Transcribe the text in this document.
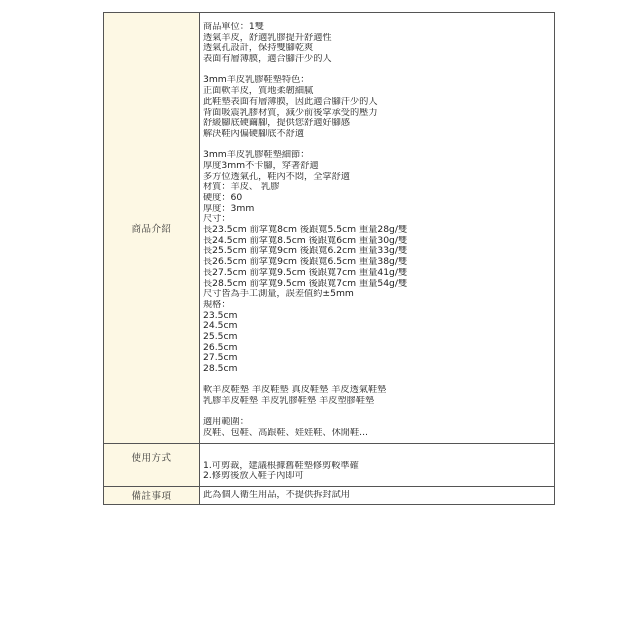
商品介紹
商品單位：1雙
透氣羊皮，舒適乳膠提升舒適性
透氣孔設計，保持雙腳乾爽
表面有層薄膜，適合腳汗少的人
3mm羊皮乳膠鞋墊特色：
正面軟羊皮，質地柔韌細膩
此鞋墊表面有層薄膜，因此適合腳汗少的人
背面吸震乳膠材質，減少前後掌承受的壓力
舒緩腳底硬繭腳，提供您舒適好腳感
解決鞋內偏硬腳底不舒適
3mm羊皮乳膠鞋墊細節：
厚度3mm不卡腳，穿著舒適
多方位透氣孔，鞋內不悶，全掌舒適
材質：羊皮、 乳膠
硬度：60
厚度：3mm
尺寸：
長23.5cm 前掌寬8cm 後跟寬5.5cm 重量28g/雙
長24.5cm 前掌寬8.5cm 後跟寬6cm 重量30g/雙
長25.5cm 前掌寬9cm 後跟寬6.2cm 重量33g/雙
長26.5cm 前掌寬9cm 後跟寬6.5cm 重量38g/雙
長27.5cm 前掌寬9.5cm 後跟寬7cm 重量41g/雙
長28.5cm 前掌寬9.5cm 後跟寬7cm 重量54g/雙
尺寸皆為手工測量，誤差值約±5mm
規格：
23.5cm
24.5cm
25.5cm
26.5cm
27.5cm
28.5cm
軟羊皮鞋墊 羊皮鞋墊 真皮鞋墊 羊皮透氣鞋墊
乳膠羊皮鞋墊 羊皮乳膠鞋墊 羊皮塑膠鞋墊
適用範圍：
皮鞋、包鞋、高跟鞋、娃娃鞋、休閒鞋...
使用方式
1.可剪裁，建議根據舊鞋墊修剪較準確
2.修剪後放入鞋子內即可
備註事項	此為個人衛生用品，不提供拆封試用
